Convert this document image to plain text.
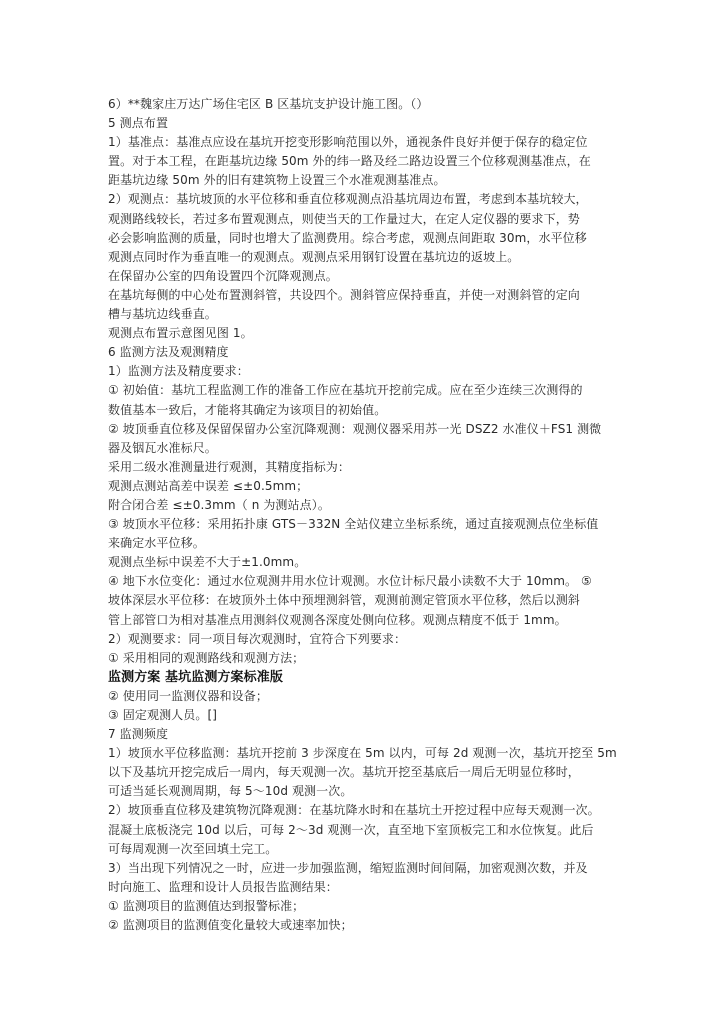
6）**魏家庄万达广场住宅区 B 区基坑支护设计施工图。（）
5 测点布置
1）基准点：基准点应设在基坑开挖变形影响范围以外，通视条件良好并便于保存的稳定位
置。对于本工程，在距基坑边缘 50m 外的纬一路及经二路边设置三个位移观测基准点，在
距基坑边缘 50m 外的旧有建筑物上设置三个水准观测基准点。
2）观测点：基坑坡顶的水平位移和垂直位移观测点沿基坑周边布置，考虑到本基坑较大，
观测路线较长，若过多布置观测点，则使当天的工作量过大，在定人定仪器的要求下，势
必会影响监测的质量，同时也增大了监测费用。综合考虑，观测点间距取 30m，水平位移
观测点同时作为垂直唯一的观测点。观测点采用钢钉设置在基坑边的返坡上。
在保留办公室的四角设置四个沉降观测点。
在基坑每侧的中心处布置测斜管，共设四个。测斜管应保持垂直，并使一对测斜管的定向
槽与基坑边线垂直。
观测点布置示意图见图 1。
6 监测方法及观测精度
1）监测方法及精度要求：
① 初始值：基坑工程监测工作的准备工作应在基坑开挖前完成。应在至少连续三次测得的
数值基本一致后，才能将其确定为该项目的初始值。
② 坡顶垂直位移及保留保留办公室沉降观测：观测仪器采用苏一光 DSZ2 水准仪＋FS1 测微
器及铟瓦水准标尺。
采用二级水准测量进行观测，其精度指标为：
观测点测站高差中误差 ≤±0.5mm；
附合闭合差 ≤±0.3mm（ n 为测站点）。
③ 坡顶水平位移：采用拓扑康 GTS－332N 全站仪建立坐标系统，通过直接观测点位坐标值
来确定水平位移。
观测点坐标中误差不大于±1.0mm。
④ 地下水位变化：通过水位观测井用水位计观测。水位计标尺最小读数不大于 10mm。 ⑤
坡体深层水平位移：在坡顶外土体中预埋测斜管，观测前测定管顶水平位移，然后以测斜
管上部管口为相对基准点用测斜仪观测各深度处侧向位移。观测点精度不低于 1mm。
2）观测要求：同一项目每次观测时，宜符合下列要求：
① 采用相同的观测路线和观测方法；
监测方案 基坑监测方案标准版
② 使用同一监测仪器和设备；
③ 固定观测人员。[]
7 监测频度
1）坡顶水平位移监测：基坑开挖前 3 步深度在 5m 以内，可每 2d 观测一次，基坑开挖至 5m
以下及基坑开挖完成后一周内，每天观测一次。基坑开挖至基底后一周后无明显位移时，
可适当延长观测周期，每 5～10d 观测一次。
2）坡顶垂直位移及建筑物沉降观测：在基坑降水时和在基坑土开挖过程中应每天观测一次。
混凝土底板浇完 10d 以后，可每 2～3d 观测一次，直至地下室顶板完工和水位恢复。此后
可每周观测一次至回填土完工。
3）当出现下列情况之一时，应进一步加强监测，缩短监测时间间隔，加密观测次数，并及
时向施工、监理和设计人员报告监测结果：
① 监测项目的监测值达到报警标准；
② 监测项目的监测值变化量较大或速率加快；
